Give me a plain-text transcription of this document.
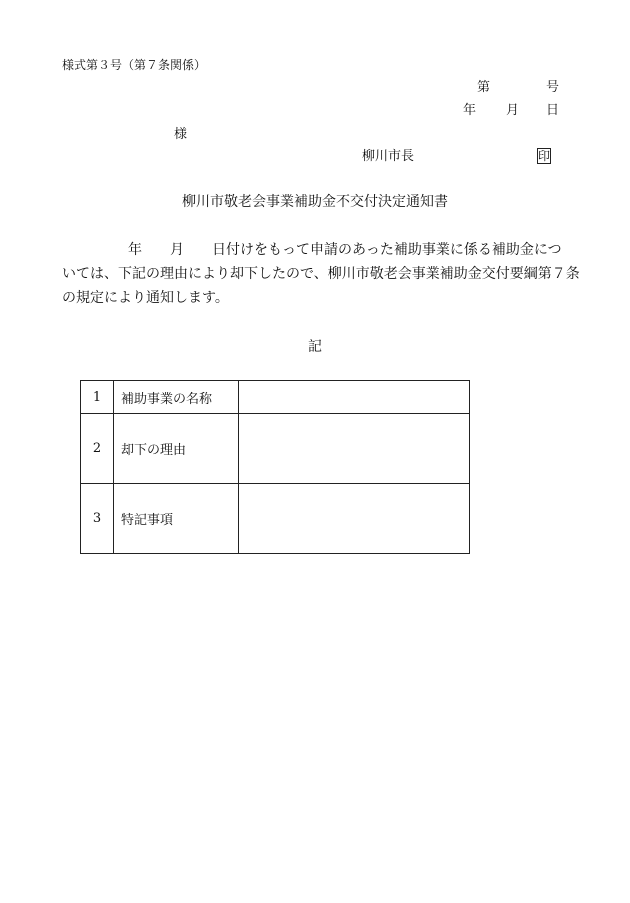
様式第３号（第７条関係）
第	号
年 月 日
様
柳川市長	印
柳川市敬老会事業補助金不交付決定通知書
年 月 日付けをもって申請のあった補助事業に係る補助金につ
いては、下記の理由により却下したので、柳川市敬老会事業補助金交付要綱第７条
の規定により通知します。
記
1	補助事業の名称	
2	却下の理由	
3	特記事項	
